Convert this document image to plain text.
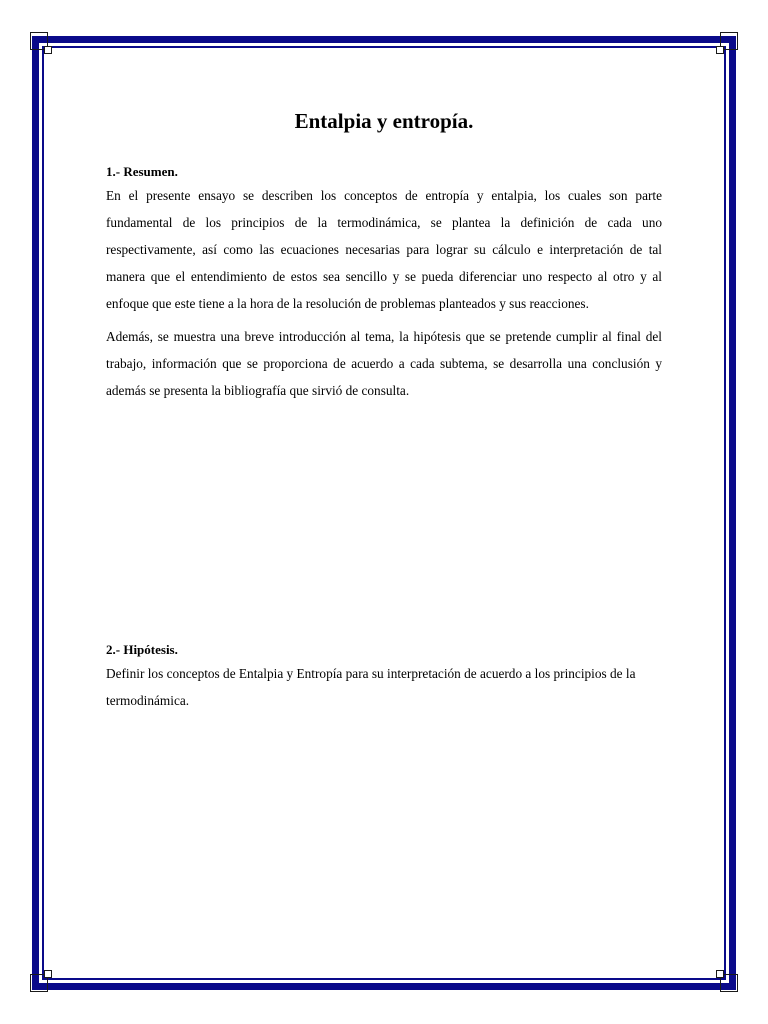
Entalpia y entropía.

1.- Resumen.

En el presente ensayo se describen los conceptos de entropía y entalpia, los cuales son parte fundamental de los principios de la termodinámica, se plantea la definición de cada uno respectivamente, así como las ecuaciones necesarias para lograr su cálculo e interpretación de tal manera que el entendimiento de estos sea sencillo y se pueda diferenciar uno respecto al otro y al enfoque que este tiene a la hora de la resolución de problemas planteados y sus reacciones.

Además, se muestra una breve introducción al tema, la hipótesis que se pretende cumplir al final del trabajo, información que se proporciona de acuerdo a cada subtema, se desarrolla una conclusión y además se presenta la bibliografía que sirvió de consulta.

2.- Hipótesis.

Definir los conceptos de Entalpia y Entropía para su interpretación de acuerdo a los principios de la termodinámica.
